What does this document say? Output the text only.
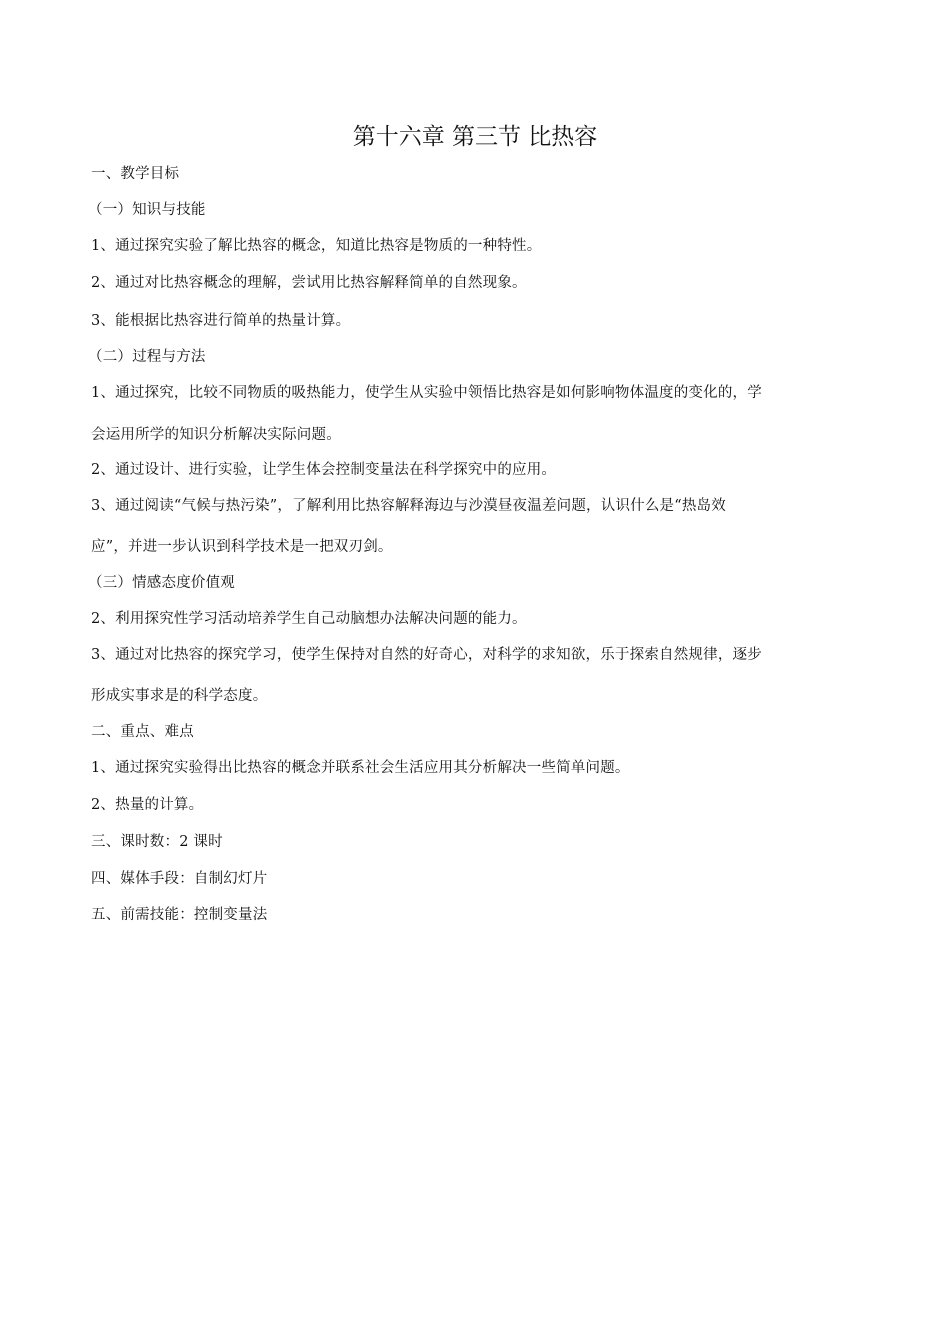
第十六章 第三节 比热容
一、教学目标
（一）知识与技能
1、通过探究实验了解比热容的概念，知道比热容是物质的一种特性。
2、通过对比热容概念的理解，尝试用比热容解释简单的自然现象。
3、能根据比热容进行简单的热量计算。
（二）过程与方法
1、通过探究，比较不同物质的吸热能力，使学生从实验中领悟比热容是如何影响物体温度的变化的，学
会运用所学的知识分析解决实际问题。
2、通过设计、进行实验，让学生体会控制变量法在科学探究中的应用。
3、通过阅读“气候与热污染”，了解利用比热容解释海边与沙漠昼夜温差问题，认识什么是“热岛效
应”，并进一步认识到科学技术是一把双刃剑。
（三）情感态度价值观
2、利用探究性学习活动培养学生自己动脑想办法解决问题的能力。
3、通过对比热容的探究学习，使学生保持对自然的好奇心，对科学的求知欲，乐于探索自然规律，逐步
形成实事求是的科学态度。
二、重点、难点
1、通过探究实验得出比热容的概念并联系社会生活应用其分析解决一些简单问题。
2、热量的计算。
三、课时数：2 课时
四、媒体手段：自制幻灯片
五、前需技能：控制变量法
